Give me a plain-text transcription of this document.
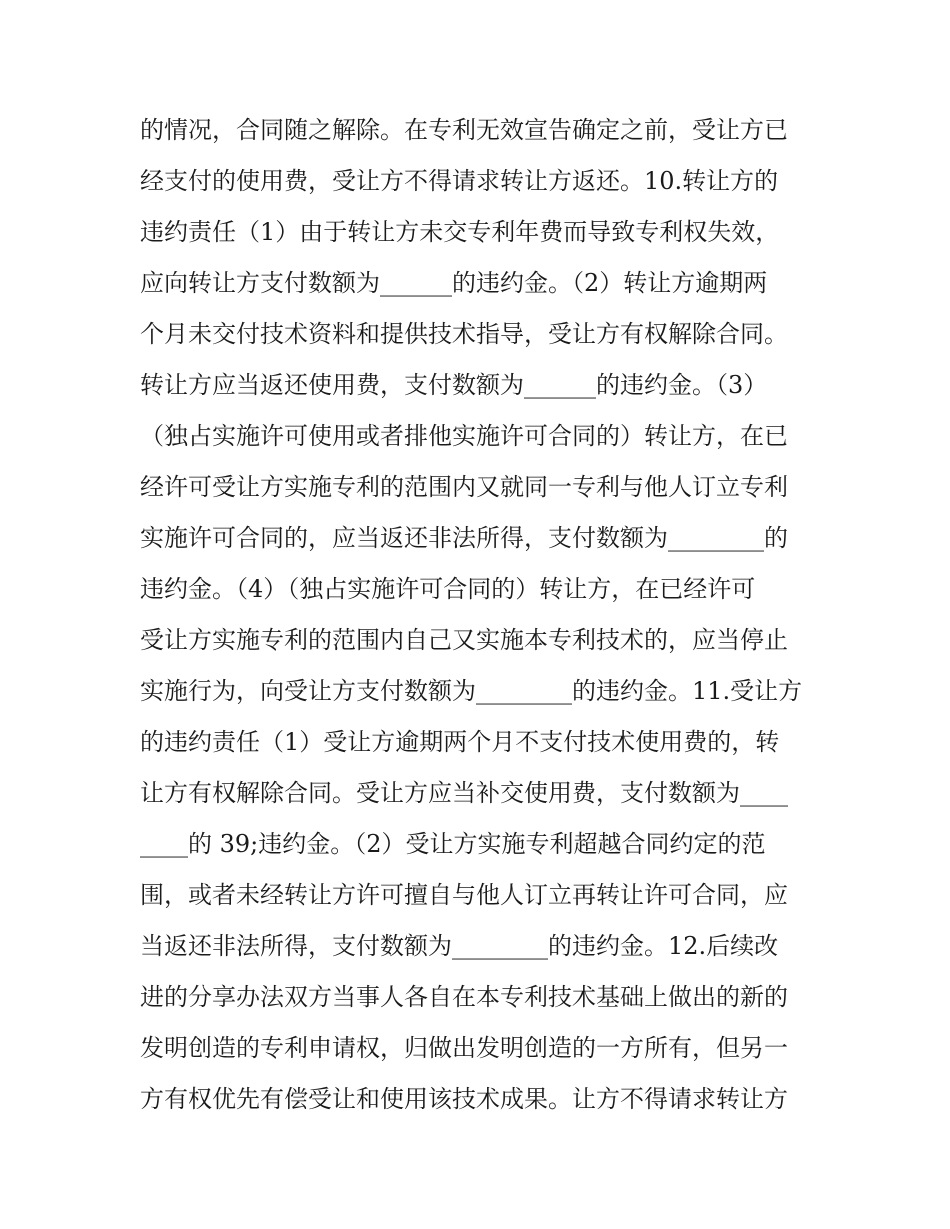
的情况，合同随之解除。在专利无效宣告确定之前，受让方已
经支付的使用费，受让方不得请求转让方返还。10.转让方的
违约责任（1）由于转让方未交专利年费而导致专利权失效，
应向转让方支付数额为______的违约金。（2）转让方逾期两
个月未交付技术资料和提供技术指导，受让方有权解除合同。
转让方应当返还使用费，支付数额为______的违约金。（3）
（独占实施许可使用或者排他实施许可合同的）转让方，在已
经许可受让方实施专利的范围内又就同一专利与他人订立专利
实施许可合同的，应当返还非法所得，支付数额为________的
违约金。（4）（独占实施许可合同的）转让方，在已经许可
受让方实施专利的范围内自己又实施本专利技术的，应当停止
实施行为，向受让方支付数额为________的违约金。11.受让方
的违约责任（1）受让方逾期两个月不支付技术使用费的，转
让方有权解除合同。受让方应当补交使用费，支付数额为____
____的 39;违约金。（2）受让方实施专利超越合同约定的范
围，或者未经转让方许可擅自与他人订立再转让许可合同，应
当返还非法所得，支付数额为________的违约金。12.后续改
进的分享办法双方当事人各自在本专利技术基础上做出的新的
发明创造的专利申请权，归做出发明创造的一方所有，但另一
方有权优先有偿受让和使用该技术成果。让方不得请求转让方
